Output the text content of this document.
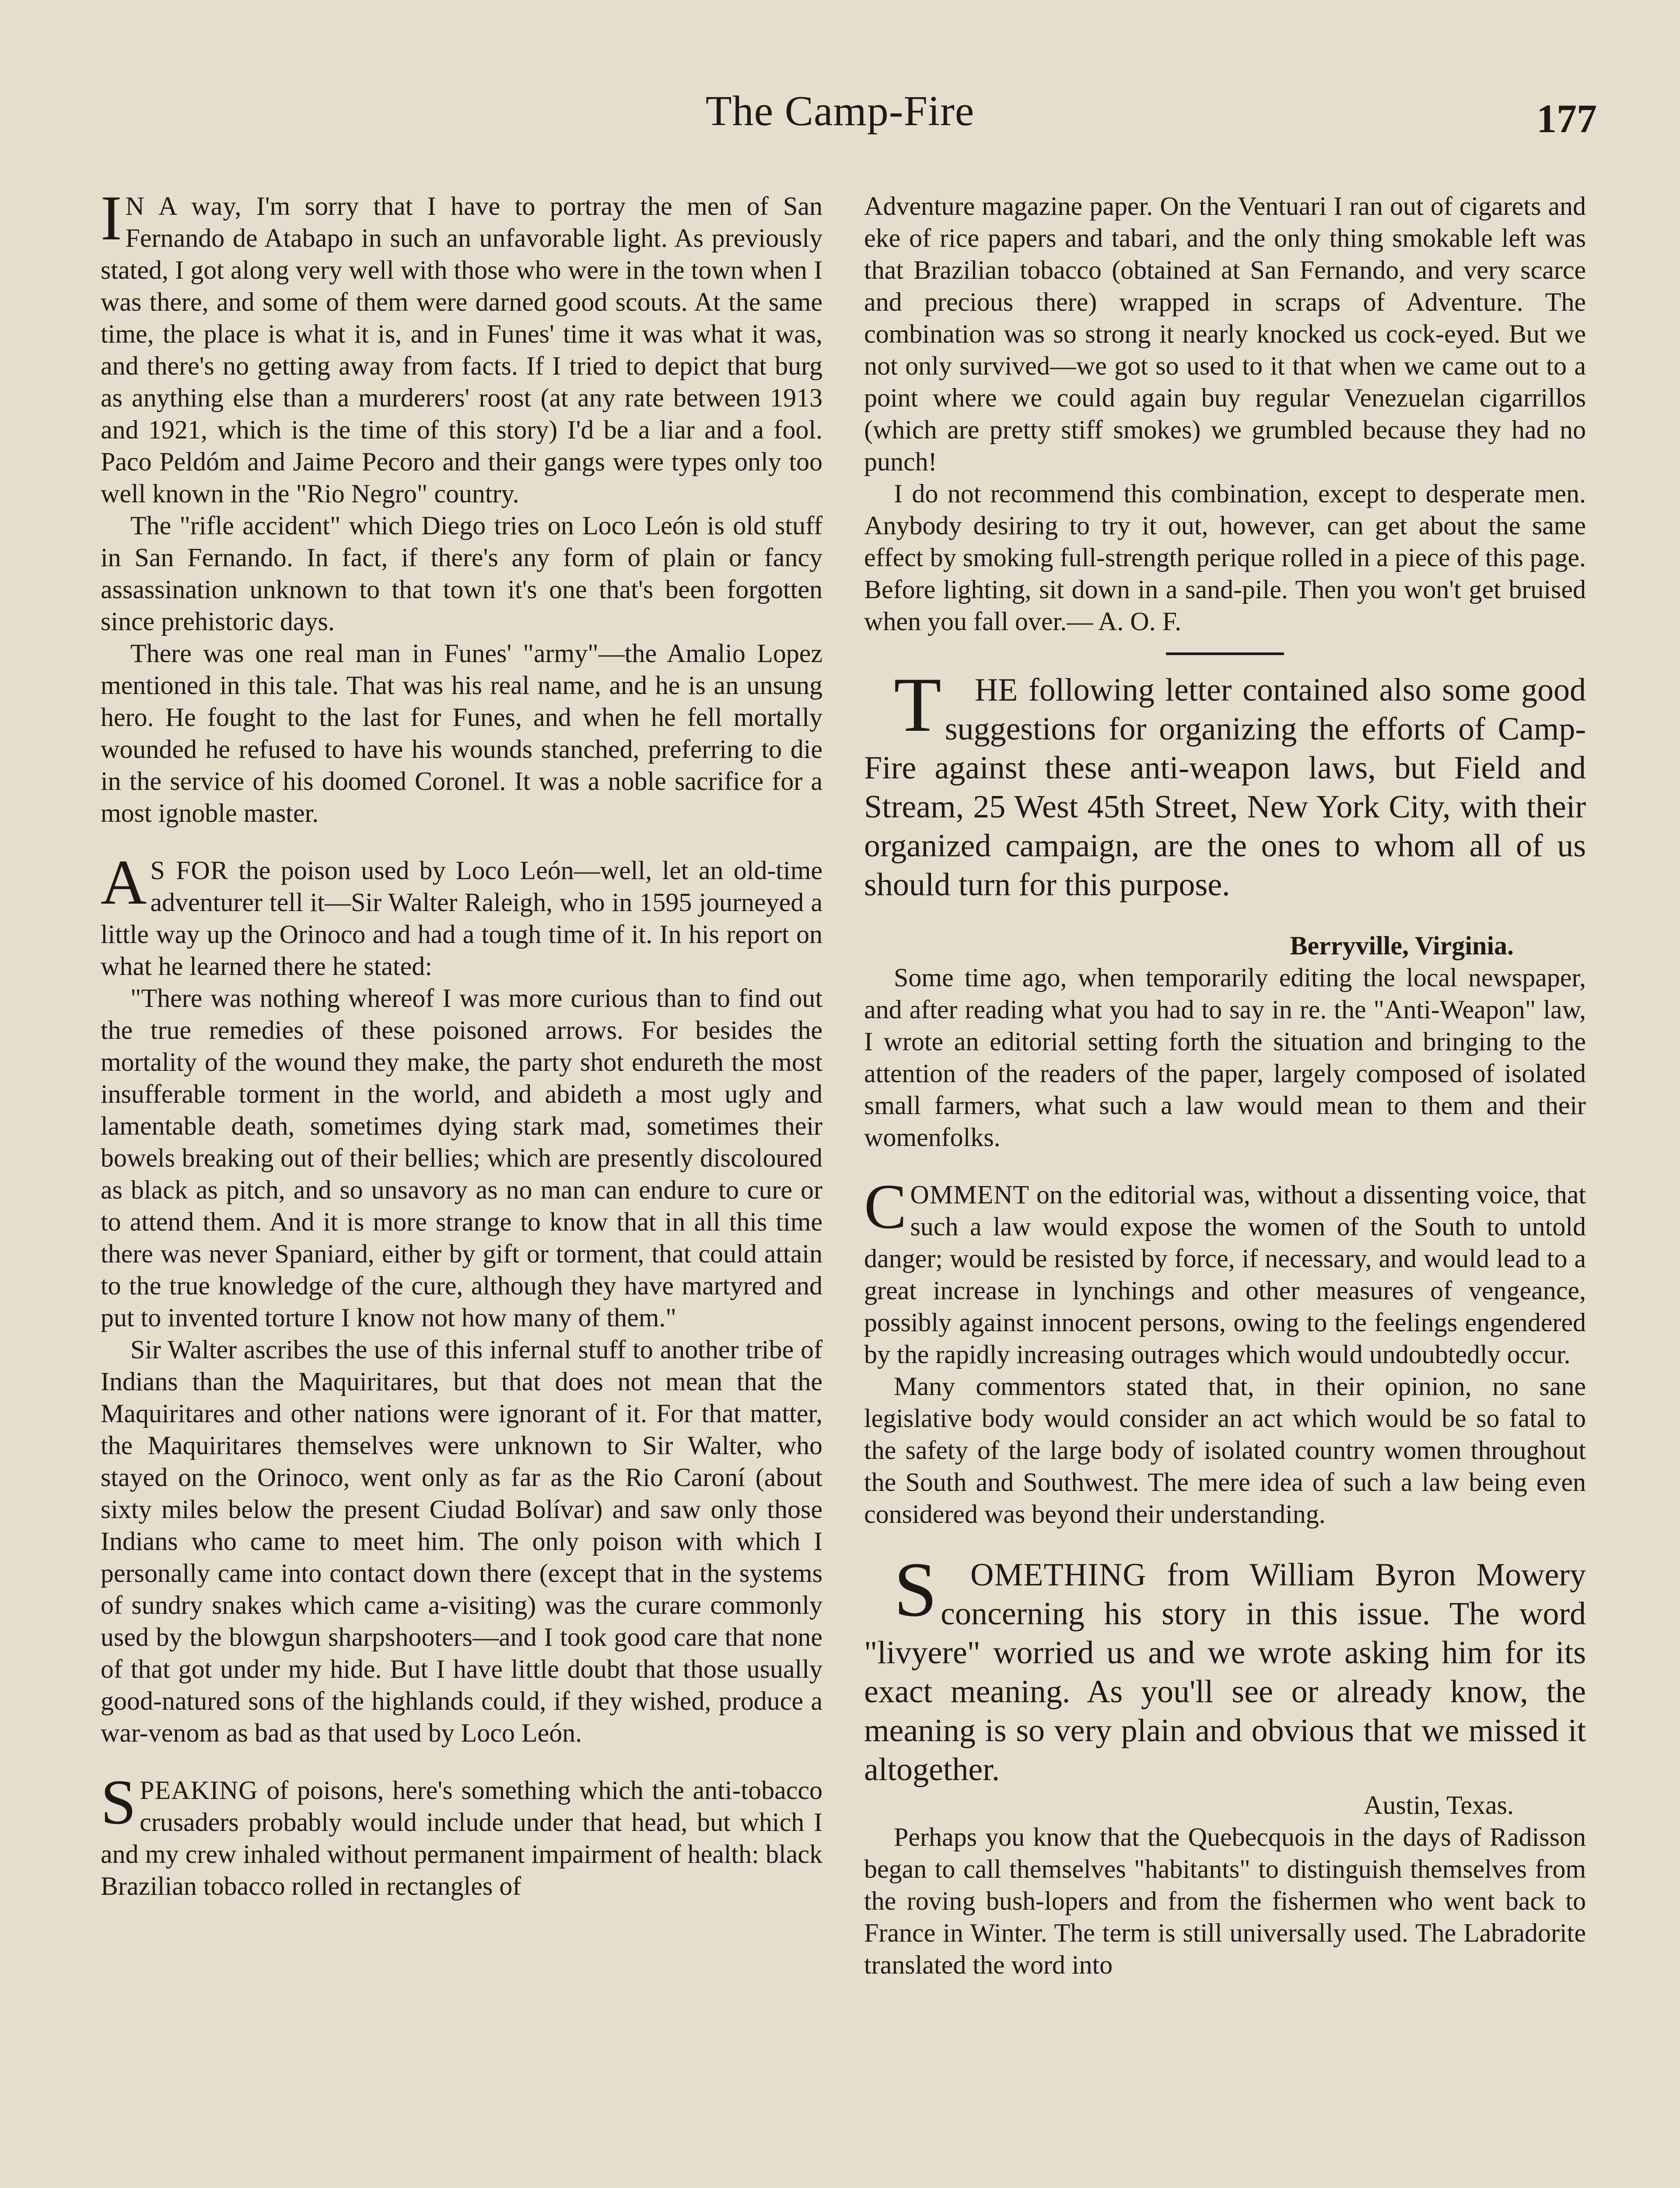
The Camp-Fire	177

I N A way, I'm sorry that I have to portray the men of San Fernando de Atabapo in such an unfavorable light. As previously stated, I got along very well with those who were in the town when I was there, and some of them were darned good scouts. At the same time, the place is what it is, and in Funes' time it was what it was, and there's no getting away from facts. If I tried to depict that burg as anything else than a murderers' roost (at any rate between 1913 and 1921, which is the time of this story) I'd be a liar and a fool. Paco Peldóm and Jaime Pecoro and their gangs were types only too well known in the "Rio Negro" country.

The "rifle accident" which Diego tries on Loco León is old stuff in San Fernando. In fact, if there's any form of plain or fancy assassination unknown to that town it's one that's been forgotten since prehistoric days.

There was one real man in Funes' "army"—the Amalio Lopez mentioned in this tale. That was his real name, and he is an unsung hero. He fought to the last for Funes, and when he fell mortally wounded he refused to have his wounds stanched, preferring to die in the service of his doomed Coronel. It was a noble sacrifice for a most ignoble master.

A S FOR the poison used by Loco León—well, let an old-time adventurer tell it—Sir Walter Raleigh, who in 1595 journeyed a little way up the Orinoco and had a tough time of it. In his report on what he learned there he stated:

"There was nothing whereof I was more curious than to find out the true remedies of these poisoned arrows. For besides the mortality of the wound they make, the party shot endureth the most insufferable torment in the world, and abideth a most ugly and lamentable death, sometimes dying stark mad, sometimes their bowels breaking out of their bellies; which are presently discoloured as black as pitch, and so unsavory as no man can endure to cure or to attend them. And it is more strange to know that in all this time there was never Spaniard, either by gift or torment, that could attain to the true knowledge of the cure, although they have martyred and put to invented torture I know not how many of them."

Sir Walter ascribes the use of this infernal stuff to another tribe of Indians than the Maquiritares, but that does not mean that the Maquiritares and other nations were ignorant of it. For that matter, the Maquiritares themselves were unknown to Sir Walter, who stayed on the Orinoco, went only as far as the Rio Caroní (about sixty miles below the present Ciudad Bolívar) and saw only those Indians who came to meet him. The only poison with which I personally came into contact down there (except that in the systems of sundry snakes which came a-visiting) was the curare commonly used by the blowgun sharpshooters—and I took good care that none of that got under my hide. But I have little doubt that those usually good-natured sons of the highlands could, if they wished, produce a war-venom as bad as that used by Loco León.

SPEAKING of poisons, here's something which the anti-tobacco crusaders probably would include under that head, but which I and my crew inhaled without permanent impairment of health: black Brazilian tobacco rolled in rectangles of

Adventure magazine paper. On the Ventuari I ran out of cigarets and eke of rice papers and tabari, and the only thing smokable left was that Brazilian tobacco (obtained at San Fernando, and very scarce and precious there) wrapped in scraps of Adventure. The combination was so strong it nearly knocked us cock-eyed. But we not only survived—we got so used to it that when we came out to a point where we could again buy regular Venezuelan cigarrillos (which are pretty stiff smokes) we grumbled because they had no punch!

I do not recommend this combination, except to desperate men. Anybody desiring to try it out, however, can get about the same effect by smoking full-strength perique rolled in a piece of this page. Before lighting, sit down in a sand-pile. Then you won't get bruised when you fall over.— A. O. F.

T HE following letter contained also some good suggestions for organizing the efforts of Camp-Fire against these anti-weapon laws, but Field and Stream, 25 West 45th Street, New York City, with their organized campaign, are the ones to whom all of us should turn for this purpose.

Berryville, Virginia.

Some time ago, when temporarily editing the local newspaper, and after reading what you had to say in re. the "Anti-Weapon" law, I wrote an editorial setting forth the situation and bringing to the attention of the readers of the paper, largely composed of isolated small farmers, what such a law would mean to them and their womenfolks.

COMMENT on the editorial was, without a dissenting voice, that such a law would expose the women of the South to untold danger; would be resisted by force, if necessary, and would lead to a great increase in lynchings and other measures of vengeance, possibly against innocent persons, owing to the feelings engendered by the rapidly increasing outrages which would undoubtedly occur.

Many commentors stated that, in their opinion, no sane legislative body would consider an act which would be so fatal to the safety of the large body of isolated country women throughout the South and Southwest. The mere idea of such a law being even considered was beyond their understanding.

S OMETHING from William Byron Mowery concerning his story in this issue. The word "livyere" worried us and we wrote asking him for its exact meaning. As you'll see or already know, the meaning is so very plain and obvious that we missed it altogether.

Austin, Texas.

Perhaps you know that the Quebecquois in the days of Radisson began to call themselves "habitants" to distinguish themselves from the roving bush-lopers and from the fishermen who went back to France in Winter. The term is still universally used. The Labradorite translated the word into
